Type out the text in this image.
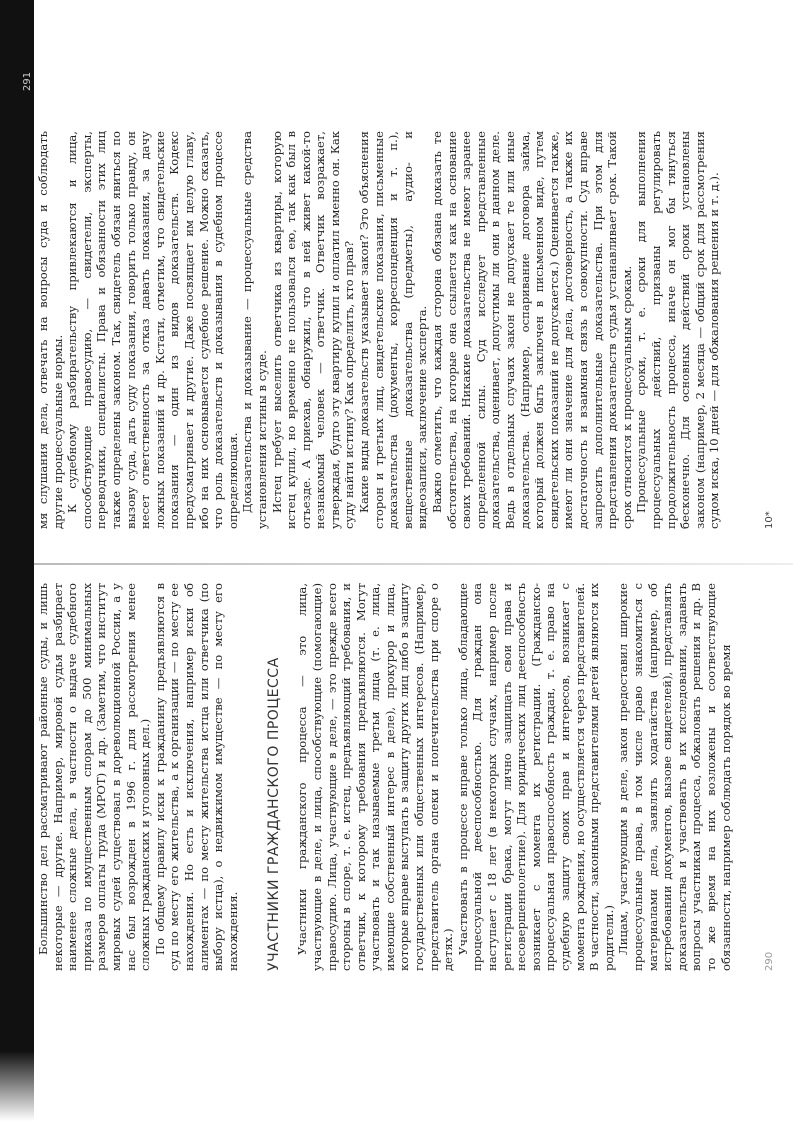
Большинство дел рассматривают районные суды, и лишь некоторые — другие. Например, мировой судья разбирает наименее сложные дела, в частности о выдаче судебного приказа по имущественным спорам до 500 минимальных размеров оплаты труда (МРОТ) и др. (Заметим, что институт мировых судей существовал в дореволюционной России, а у нас был возрожден в 1996 г. для рассмотрения менее сложных гражданских и уголовных дел.) По общему правилу иски к гражданину предъявляются в суд по месту его жительства, а к организации — по месту ее нахождения. Но есть и исключения, например иски об алиментах — по месту жительства истца или ответчика (по выбору истца), о недвижимом имуществе — по месту его нахождения. УЧАСТНИКИ ГРАЖДАНСКОГО ПРОЦЕССА Участники гражданского процесса — это лица, участвующие в деле, и лица, способствующие (помогающие) правосудию. Лица, участвующие в деле, — это прежде всего стороны в споре, т. е. истец, предъявляющий требования, и ответчик, к которому требования предъявляются. Могут участвовать и так называемые третьи лица (т. е. лица, имеющие собственный интерес в деле), прокурор и лица, которые вправе выступать в защиту других лиц либо в защиту государственных или общественных интересов. (Например, представитель органа опеки и попечительства при споре о детях.) Участвовать в процессе вправе только лица, обладающие процессуальной дееспособностью. Для граждан она наступает с 18 лет (в некоторых случаях, например после регистрации брака, могут лично защищать свои права и несовершеннолетние). Для юридических лиц дееспособность возникает с момента их регистрации. (Гражданско-процессуальная правоспособность граждан, т. е. право на судебную защиту своих прав и интересов, возникает с момента рождения, но осуществляется через представителей. В частности, законными представителями детей являются их родители.) Лицам, участвующим в деле, закон предоставил широкие процессуальные права, в том числе право знакомиться с материалами дела, заявлять ходатайства (например, об истребовании документов, вызове свидетелей), представлять доказательства и участвовать в их исследовании, задавать вопросы участникам процесса, обжаловать решения и др. В то же время на них возложены и соответствующие обязанности, например соблюдать порядок во время	290

мя слушания дела, отвечать на вопросы суда и соблюдать другие процессуальные нормы. К судебному разбирательству привлекаются и лица, способствующие правосудию, — свидетели, эксперты, переводчики, специалисты. Права и обязанности этих лиц также определены законом. Так, свидетель обязан явиться по вызову суда, дать суду показания, говорить только правду, он несет ответственность за отказ давать показания, за дачу ложных показаний и др. Кстати, отметим, что свидетельские показания — один из видов доказательств. Кодекс предусматривает и другие. Даже посвящает им целую главу, ибо на них основывается судебное решение. Можно сказать, что роль доказательств и доказывания в судебном процессе определяющая. Доказательства и доказывание — процессуальные средства установления истины в суде. Истец требует выселить ответчика из квартиры, которую истец купил, но временно не пользовался ею, так как был в отъезде. А приехав, обнаружил, что в ней живет какой-то незнакомый человек — ответчик. Ответчик возражает, утверждая, будто эту квартиру купил и оплатил именно он. Как суду найти истину? Как определить, кто прав? Какие виды доказательств указывает закон? Это объяснения сторон и третьих лиц, свидетельские показания, письменные доказательства (документы, корреспонденция и т. п.), вещественные доказательства (предметы), аудио- и видеозаписи, заключение эксперта. Важно отметить, что каждая сторона обязана доказать те обстоятельства, на которые она ссылается как на основание своих требований. Никакие доказательства не имеют заранее определенной силы. Суд исследует представленные доказательства, оценивает, допустимы ли они в данном деле. Ведь в отдельных случаях закон не допускает те или иные доказательства. (Например, оспаривание договора займа, который должен быть заключен в письменном виде, путем свидетельских показаний не допускается.) Оценивается также, имеют ли они значение для дела, достоверность, а также их достаточность и взаимная связь в совокупности. Суд вправе запросить дополнительные доказательства. При этом для представления доказательств судья устанавливает срок. Такой срок относится к процессуальным срокам. Процессуальные сроки, т. е. сроки для выполнения процессуальных действий, призваны регулировать продолжительность процесса, иначе он мог бы тянуться бесконечно. Для основных действий сроки установлены законом (например, 2 месяца — общий срок для рассмотрения судом иска, 10 дней — для обжалования решения и т. д.).	10*
291
